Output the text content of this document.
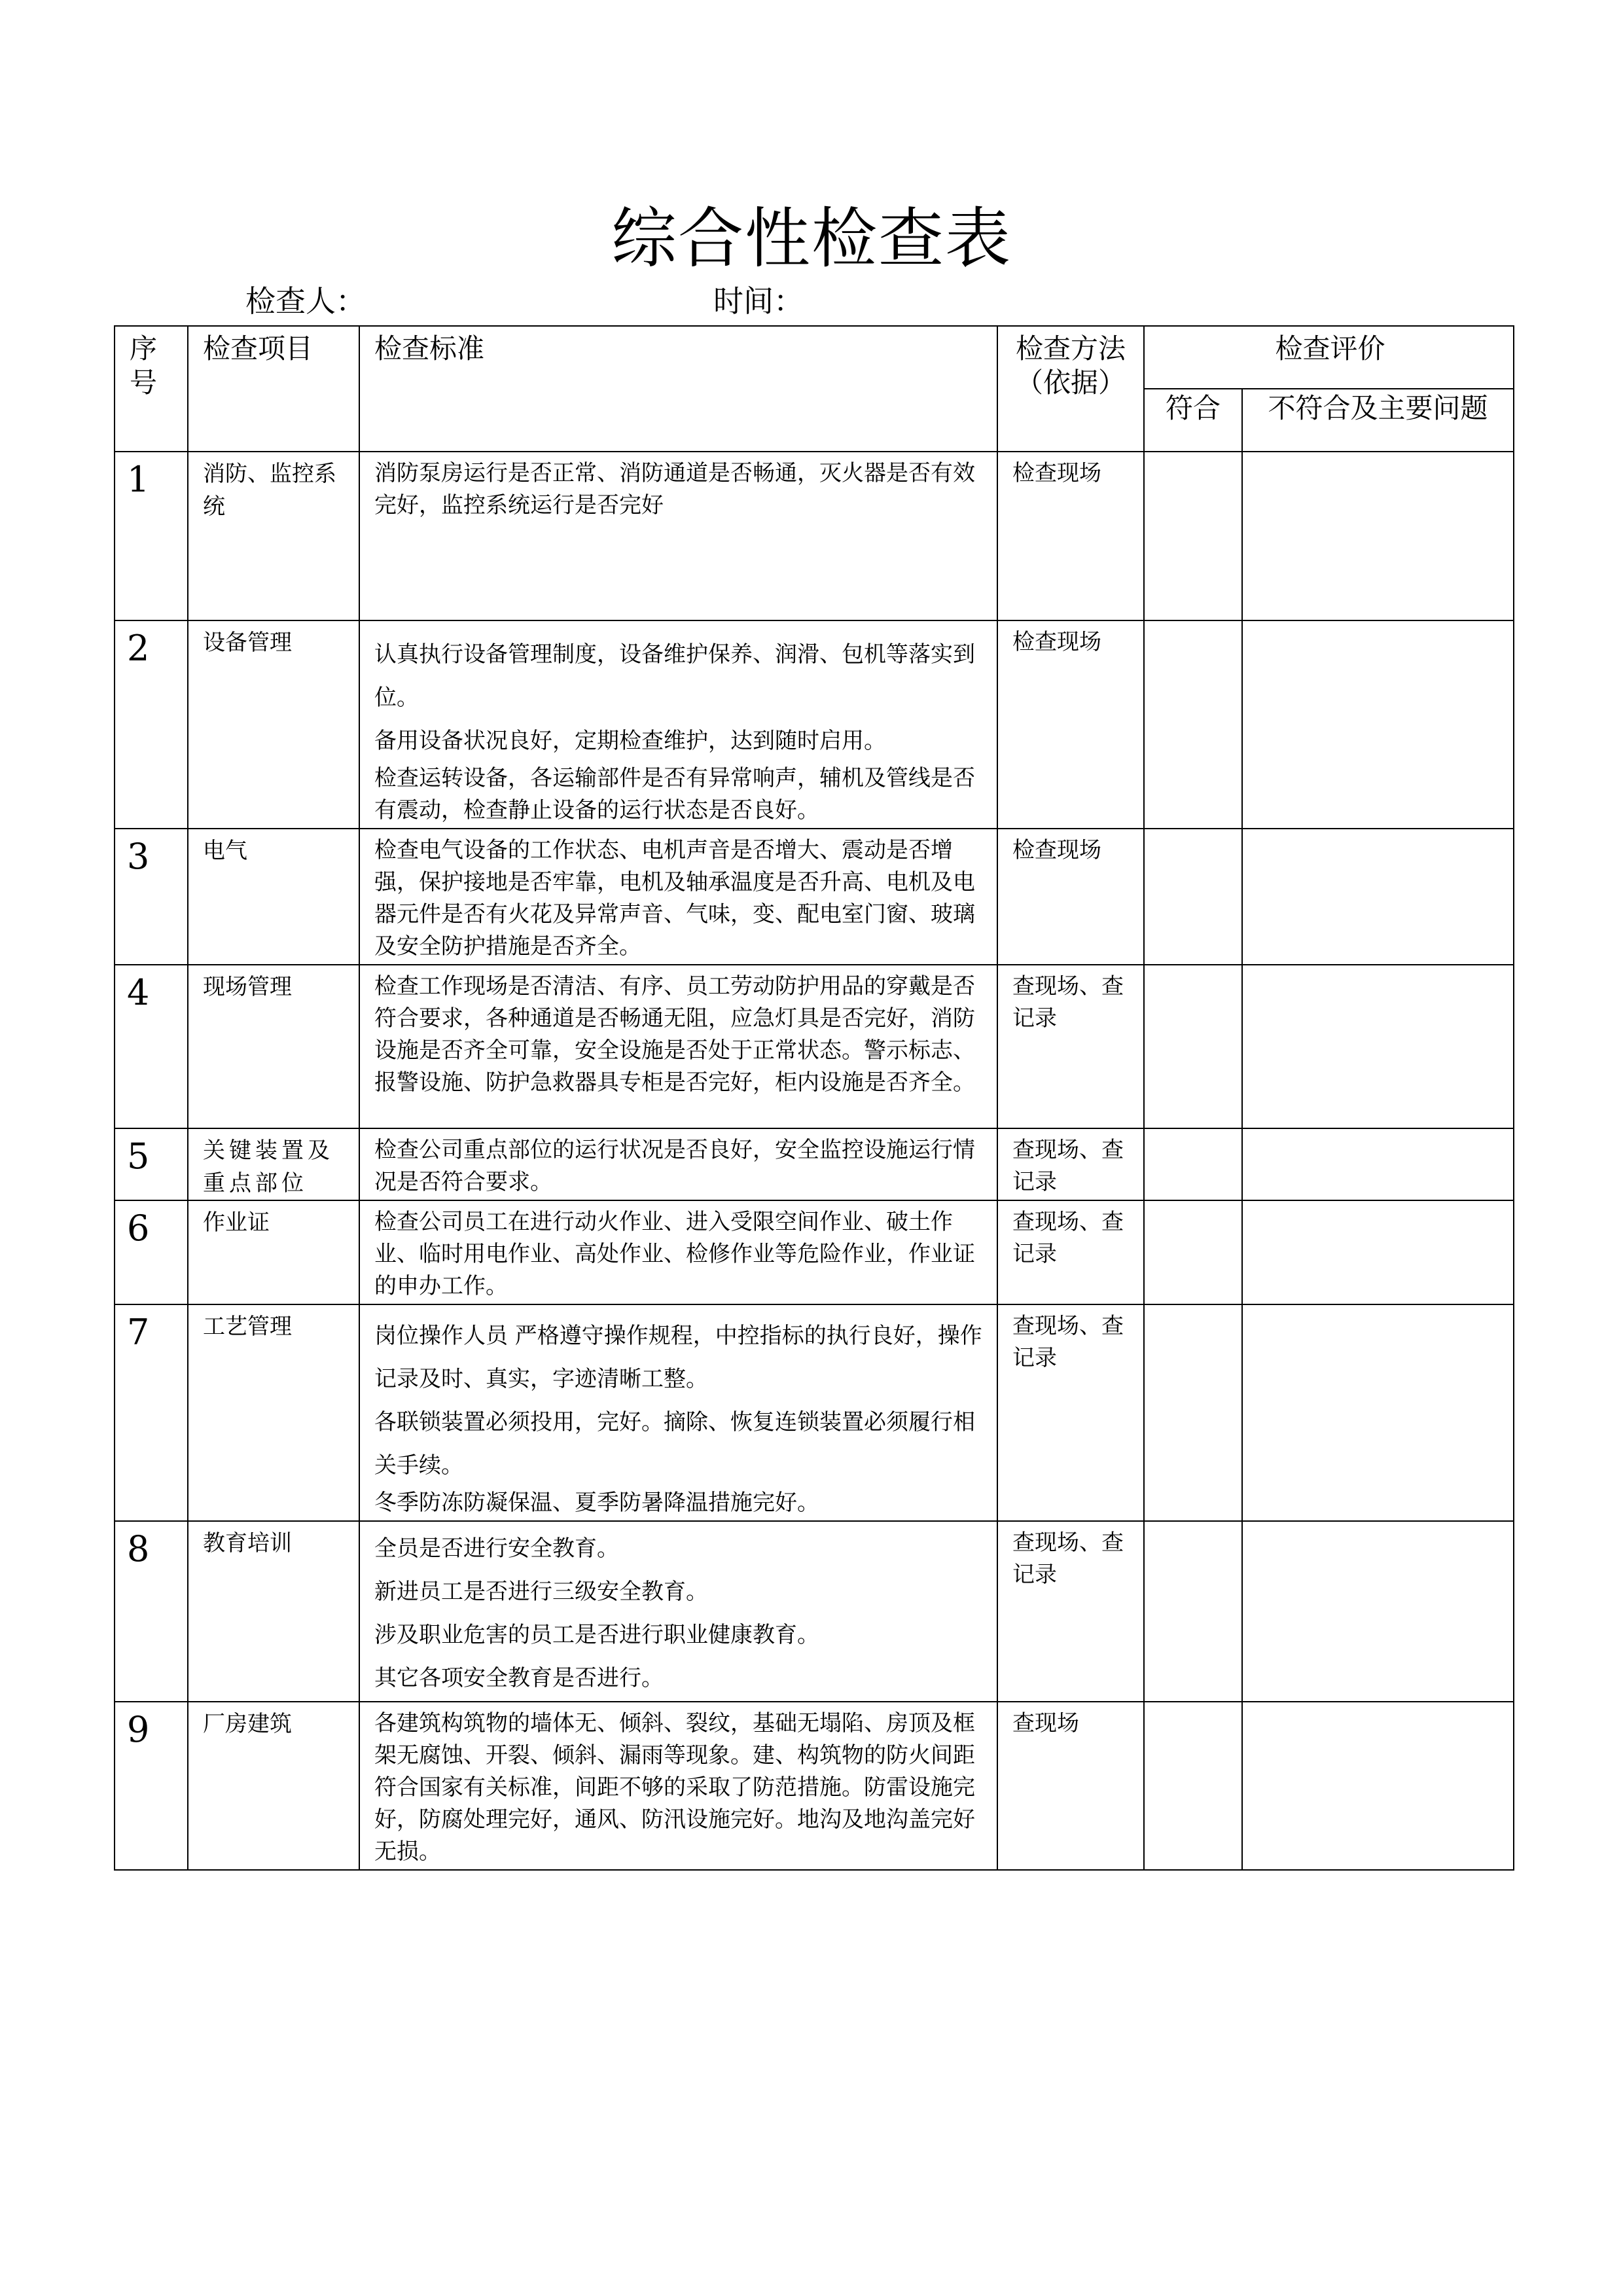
综合性检查表
检查人：	时间：
序号	检查项目	检查标准	检查方法（依据）	检查评价	

				符合	不符合及主要问题

1	消防、监控系统	消防泵房运行是否正常、消防通道是否畅通，灭火器是否有效完好，监控系统运行是否完好	检查现场		

2	设备管理	认真执行设备管理制度，设备维护保养、润滑、包机等落实到位。

备用设备状况良好，定期检查维护，达到随时启用。

检查运转设备，各运输部件是否有异常响声，辅机及管线是否有震动，检查静止设备的运行状态是否良好。	检查现场		

3	电气	检查电气设备的工作状态、电机声音是否增大、震动是否增强，保护接地是否牢靠，电机及轴承温度是否升高、电机及电器元件是否有火花及异常声音、气味，变、配电室门窗、玻璃及安全防护措施是否齐全。	检查现场		

4	现场管理	检查工作现场是否清洁、有序、员工劳动防护用品的穿戴是否符合要求，各种通道是否畅通无阻，应急灯具是否完好，消防设施是否齐全可靠，安全设施是否处于正常状态。警示标志、报警设施、防护急救器具专柜是否完好，柜内设施是否齐全。	查现场、查记录		

5	关键装置及重点部位	检查公司重点部位的运行状况是否良好，安全监控设施运行情况是否符合要求。	查现场、查记录		

6	作业证	检查公司员工在进行动火作业、进入受限空间作业、破土作业、临时用电作业、高处作业、检修作业等危险作业，作业证的申办工作。	查现场、查记录		

7	工艺管理	岗位操作人员 严格遵守操作规程，中控指标的执行良好，操作记录及时、真实，字迹清晰工整。

各联锁装置必须投用，完好。摘除、恢复连锁装置必须履行相关手续。

冬季防冻防凝保温、夏季防暑降温措施完好。	查现场、查记录		

8	教育培训	全员是否进行安全教育。

新进员工是否进行三级安全教育。

涉及职业危害的员工是否进行职业健康教育。

其它各项安全教育是否进行。	查现场、查记录		

9	厂房建筑	各建筑构筑物的墙体无、倾斜、裂纹，基础无塌陷、房顶及框架无腐蚀、开裂、倾斜、漏雨等现象。建、构筑物的防火间距符合国家有关标准，间距不够的采取了防范措施。防雷设施完好，防腐处理完好，通风、防汛设施完好。地沟及地沟盖完好无损。	查现场		
